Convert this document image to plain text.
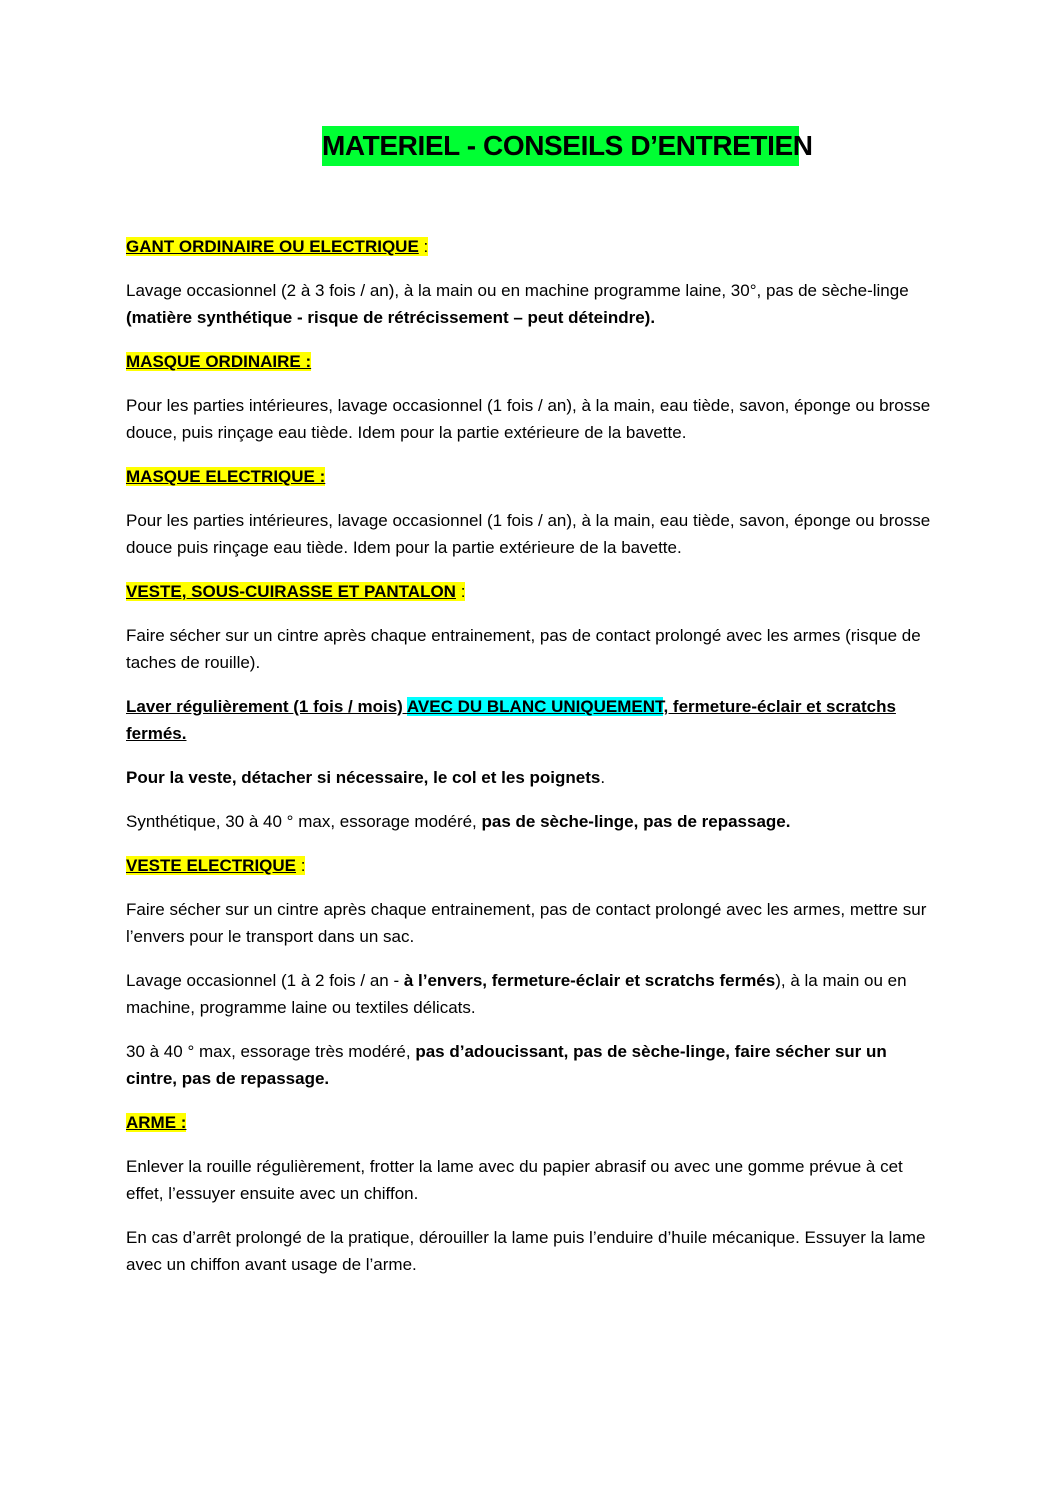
MATERIEL - CONSEILS D’ENTRETIEN

GANT ORDINAIRE OU ELECTRIQUE :

Lavage occasionnel (2 à 3 fois / an), à la main ou en machine programme laine, 30°, pas de sèche-linge (matière synthétique - risque de rétrécissement – peut déteindre).

MASQUE ORDINAIRE :

Pour les parties intérieures, lavage occasionnel (1 fois / an), à la main, eau tiède, savon, éponge ou brosse douce, puis rinçage eau tiède. Idem pour la partie extérieure de la bavette.

MASQUE ELECTRIQUE :

Pour les parties intérieures, lavage occasionnel (1 fois / an), à la main, eau tiède, savon, éponge ou brosse douce puis rinçage eau tiède. Idem pour la partie extérieure de la bavette.

VESTE, SOUS-CUIRASSE ET PANTALON :

Faire sécher sur un cintre après chaque entrainement, pas de contact prolongé avec les armes (risque de taches de rouille).

Laver régulièrement (1 fois / mois) AVEC DU BLANC UNIQUEMENT, fermeture-éclair et scratchs fermés.

Pour la veste, détacher si nécessaire, le col et les poignets.

Synthétique, 30 à 40 ° max, essorage modéré, pas de sèche-linge, pas de repassage.

VESTE ELECTRIQUE :

Faire sécher sur un cintre après chaque entrainement, pas de contact prolongé avec les armes, mettre sur l’envers pour le transport dans un sac.

Lavage occasionnel (1 à 2 fois / an - à l’envers, fermeture-éclair et scratchs fermés), à la main ou en machine, programme laine ou textiles délicats.

30 à 40 ° max, essorage très modéré, pas d’adoucissant, pas de sèche-linge, faire sécher sur un cintre, pas de repassage.

ARME :

Enlever la rouille régulièrement, frotter la lame avec du papier abrasif ou avec une gomme prévue à cet effet, l’essuyer ensuite avec un chiffon.

En cas d’arrêt prolongé de la pratique, dérouiller la lame puis l’enduire d’huile mécanique. Essuyer la lame avec un chiffon avant usage de l’arme.
